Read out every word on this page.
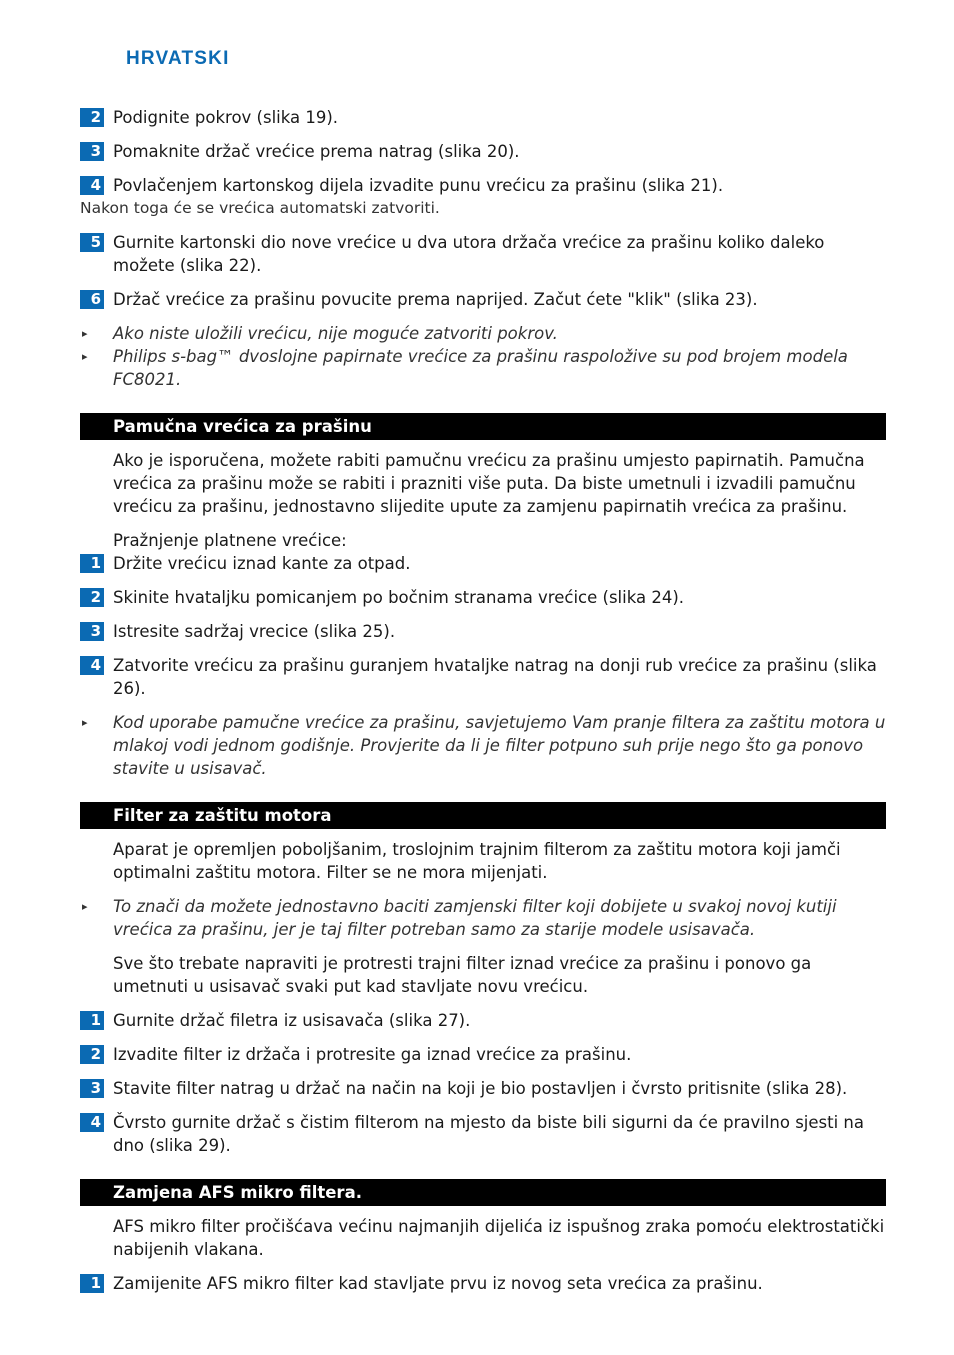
HRVATSKI
2 Podignite pokrov (slika 19).
3 Pomaknite držač vrećice prema natrag (slika 20).
4 Povlačenjem kartonskog dijela izvadite punu vrećicu za prašinu (slika 21).
Nakon toga će se vrećica automatski zatvoriti.
5 Gurnite kartonski dio nove vrećice u dva utora držača vrećice za prašinu koliko daleko možete (slika 22).
6 Držač vrećice za prašinu povucite prema naprijed. Začut ćete "klik" (slika 23).
▸ Ako niste uložili vrećicu, nije moguće zatvoriti pokrov.
▸ Philips s-bag™ dvoslojne papirnate vrećice za prašinu raspoložive su pod brojem modela FC8021.
Pamučna vrećica za prašinu
Ako je isporučena, možete rabiti pamučnu vrećicu za prašinu umjesto papirnatih. Pamučna vrećica za prašinu može se rabiti i prazniti više puta. Da biste umetnuli i izvadili pamučnu vrećicu za prašinu, jednostavno slijedite upute za zamjenu papirnatih vrećica za prašinu.
Pražnjenje platnene vrećice:
1 Držite vrećicu iznad kante za otpad.
2 Skinite hvataljku pomicanjem po bočnim stranama vrećice (slika 24).
3 Istresite sadržaj vrecice (slika 25).
4 Zatvorite vrećicu za prašinu guranjem hvataljke natrag na donji rub vrećice za prašinu (slika 26).
▸ Kod uporabe pamučne vrećice za prašinu, savjetujemo Vam pranje filtera za zaštitu motora u mlakoj vodi jednom godišnje. Provjerite da li je filter potpuno suh prije nego što ga ponovo stavite u usisavač.
Filter za zaštitu motora
Aparat je opremljen poboljšanim, troslojnim trajnim filterom za zaštitu motora koji jamči optimalni zaštitu motora. Filter se ne mora mijenjati.
▸ To znači da možete jednostavno baciti zamjenski filter koji dobijete u svakoj novoj kutiji vrećica za prašinu, jer je taj filter potreban samo za starije modele usisavača.
Sve što trebate napraviti je protresti trajni filter iznad vrećice za prašinu i ponovo ga umetnuti u usisavač svaki put kad stavljate novu vrećicu.
1 Gurnite držač filetra iz usisavača (slika 27).
2 Izvadite filter iz držača i protresite ga iznad vrećice za prašinu.
3 Stavite filter natrag u držač na način na koji je bio postavljen i čvrsto pritisnite (slika 28).
4 Čvrsto gurnite držač s čistim filterom na mjesto da biste bili sigurni da će pravilno sjesti na dno (slika 29).
Zamjena AFS mikro filtera.
AFS mikro filter pročišćava većinu najmanjih dijelića iz ispušnog zraka pomoću elektrostatički nabijenih vlakana.
1 Zamijenite AFS mikro filter kad stavljate prvu iz novog seta vrećica za prašinu.
